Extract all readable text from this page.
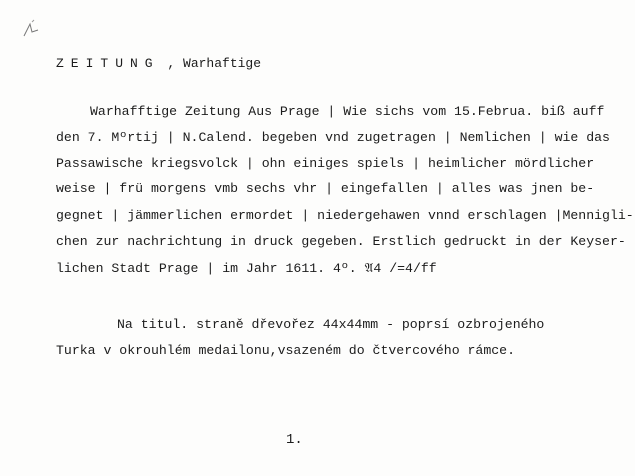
ZEITUNG , Warhaftige
Warhafftige Zeitung Aus Prage | Wie sichs vom 15.Februa. biß auff
den 7. Mºrtij | N.Calend. begeben vnd zugetragen | Nemlichen | wie das
Passawische kriegsvolck | ohn einiges spiels | heimlicher mördlicher
weise | frü morgens vmb sechs vhr | eingefallen | alles was jnen be-
gegnet | jämmerlichen ermordet | niedergehawen vnnd erschlagen |Menniglі-
chen zur nachrichtung in druck gegeben. Erstlich gedruckt in der Keyser-
lichen Stadt Prage | im Jahr 1611. 4º. 𝔄4 /=4/ff
Na titul. straně dřevořez 44x44mm - poprsí ozbrojeného
Turka v okrouhlém medailonu,vsazeném do čtvercového rámce.
1.
